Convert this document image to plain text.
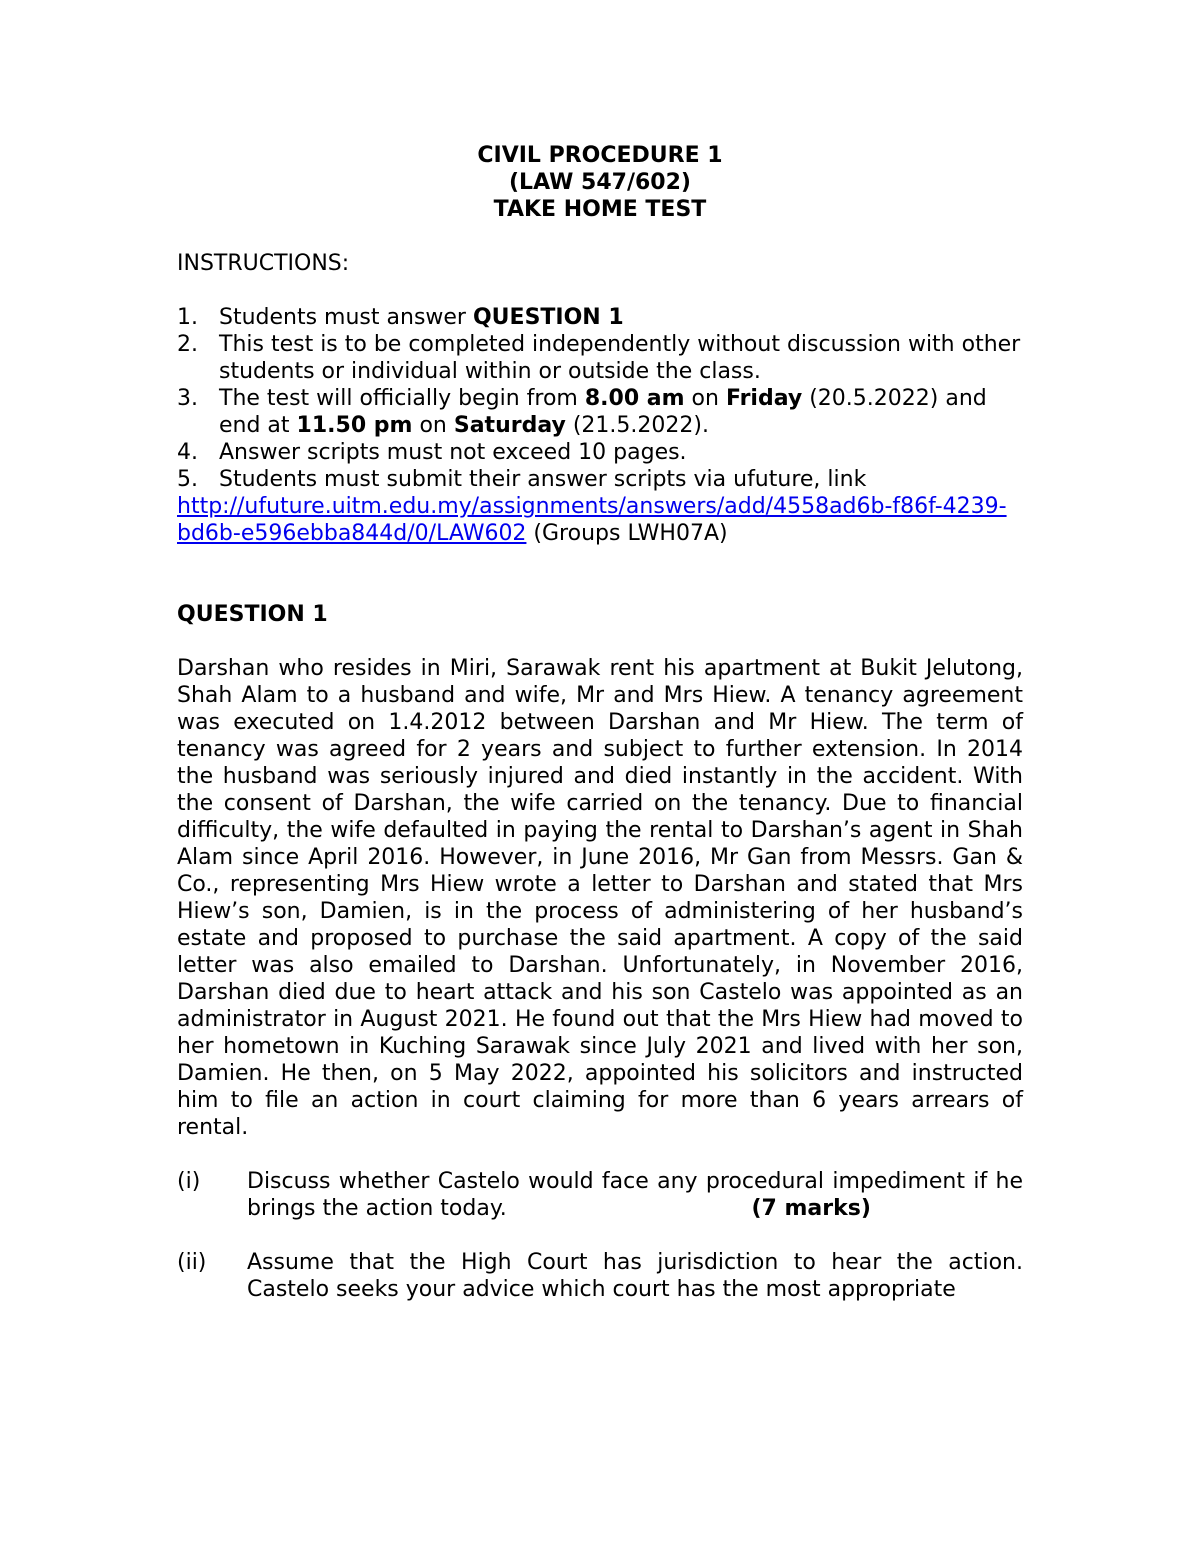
CIVIL PROCEDURE 1
(LAW 547/602)
TAKE HOME TEST
INSTRUCTIONS:
1. Students must answer QUESTION 1
2. This test is to be completed independently without discussion with other students or individual within or outside the class.
3. The test will officially begin from 8.00 am on Friday (20.5.2022) and end at 11.50 pm on Saturday (21.5.2022).
4. Answer scripts must not exceed 10 pages.
5. Students must submit their answer scripts via ufuture, link
http://ufuture.uitm.edu.my/assignments/answers/add/4558ad6b-f86f-4239-bd6b-e596ebba844d/0/LAW602 (Groups LWH07A)
QUESTION 1
Darshan who resides in Miri, Sarawak rent his apartment at Bukit Jelutong, Shah Alam to a husband and wife, Mr and Mrs Hiew. A tenancy agreement was executed on 1.4.2012 between Darshan and Mr Hiew. The term of tenancy was agreed for 2 years and subject to further extension. In 2014 the husband was seriously injured and died instantly in the accident. With the consent of Darshan, the wife carried on the tenancy. Due to financial difficulty, the wife defaulted in paying the rental to Darshan’s agent in Shah Alam since April 2016. However, in June 2016, Mr Gan from Messrs. Gan & Co., representing Mrs Hiew wrote a letter to Darshan and stated that Mrs Hiew’s son, Damien, is in the process of administering of her husband’s estate and proposed to purchase the said apartment. A copy of the said letter was also emailed to Darshan. Unfortunately, in November 2016, Darshan died due to heart attack and his son Castelo was appointed as an administrator in August 2021. He found out that the Mrs Hiew had moved to her hometown in Kuching Sarawak since July 2021 and lived with her son, Damien. He then, on 5 May 2022, appointed his solicitors and instructed him to file an action in court claiming for more than 6 years arrears of rental.
(i) Discuss whether Castelo would face any procedural impediment if he brings the action today.	(7 marks)
(ii) Assume that the High Court has jurisdiction to hear the action. Castelo seeks your advice which court has the most appropriate
